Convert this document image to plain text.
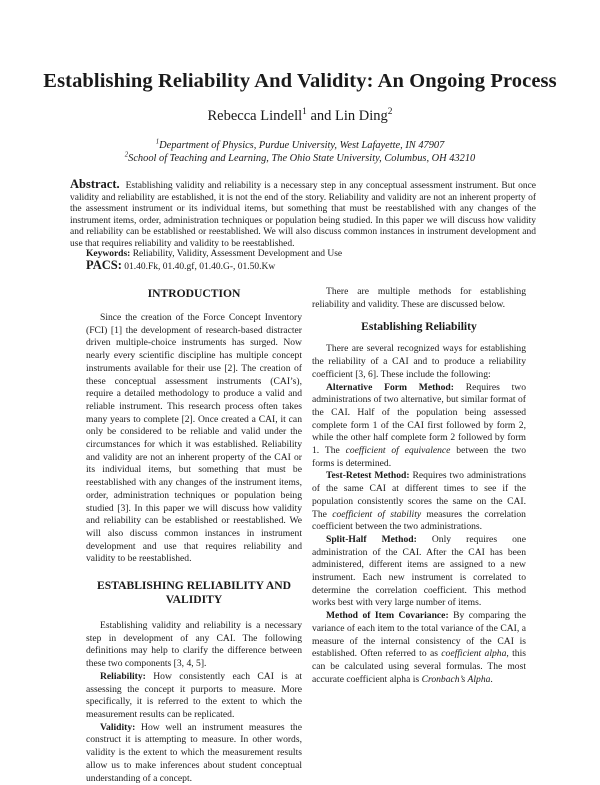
Establishing Reliability And Validity: An Ongoing Process
Rebecca Lindell$^1$ and Lin Ding$^2$
$^1$Department of Physics, Purdue University, West Lafayette, IN 47907
$^2$School of Teaching and Learning, The Ohio State University, Columbus, OH 43210
Abstract. Establishing validity and reliability is a necessary step in any conceptual assessment instrument. But once validity and reliability are established, it is not the end of the story. Reliability and validity are not an inherent property of the assessment instrument or its individual items, but something that must be reestablished with any changes of the instrument items, order, administration techniques or population being studied. In this paper we will discuss how validity and reliability can be established or reestablished. We will also discuss common instances in instrument development and use that requires reliability and validity to be reestablished.
Keywords: Reliability, Validity, Assessment Development and Use
PACS: 01.40.Fk, 01.40.gf, 01.40.G-, 01.50.Kw
INTRODUCTION

Since the creation of the Force Concept Inventory (FCI) [1] the development of research-based distracter driven multiple-choice instruments has surged. Now nearly every scientific discipline has multiple concept instruments available for their use [2]. The creation of these conceptual assessment instruments (CAI’s), require a detailed methodology to produce a valid and reliable instrument. This research process often takes many years to complete [2]. Once created a CAI, it can only be considered to be reliable and valid under the circumstances for which it was established. Reliability and validity are not an inherent property of the CAI or its individual items, but something that must be reestablished with any changes of the instrument items, order, administration techniques or population being studied [3]. In this paper we will discuss how validity and reliability can be established or reestablished. We will also discuss common instances in instrument development and use that requires reliability and validity to be reestablished.

ESTABLISHING RELIABILITY AND VALIDITY

Establishing validity and reliability is a necessary step in development of any CAI. The following definitions may help to clarify the difference between these two components [3, 4, 5].

Reliability: How consistently each CAI is at assessing the concept it purports to measure. More specifically, it is referred to the extent to which the measurement results can be replicated.

Validity: How well an instrument measures the construct it is attempting to measure. In other words, validity is the extent to which the measurement results allow us to make inferences about student conceptual understanding of a concept.

There are multiple methods for establishing reliability and validity. These are discussed below.

Establishing Reliability

There are several recognized ways for establishing the reliability of a CAI and to produce a reliability coefficient [3, 6]. These include the following:

Alternative Form Method: Requires two administrations of two alternative, but similar format of the CAI. Half of the population being assessed complete form 1 of the CAI first followed by form 2, while the other half complete form 2 followed by form 1. The coefficient of equivalence between the two forms is determined.

Test-Retest Method: Requires two administrations of the same CAI at different times to see if the population consistently scores the same on the CAI. The coefficient of stability measures the correlation coefficient between the two administrations.

Split-Half Method: Only requires one administration of the CAI. After the CAI has been administered, different items are assigned to a new instrument. Each new instrument is correlated to determine the correlation coefficient. This method works best with very large number of items.

Method of Item Covariance: By comparing the variance of each item to the total variance of the CAI, a measure of the internal consistency of the CAI is established. Often referred to as coefficient alpha, this can be calculated using several formulas. The most accurate coefficient alpha is Cronbach’s Alpha.
